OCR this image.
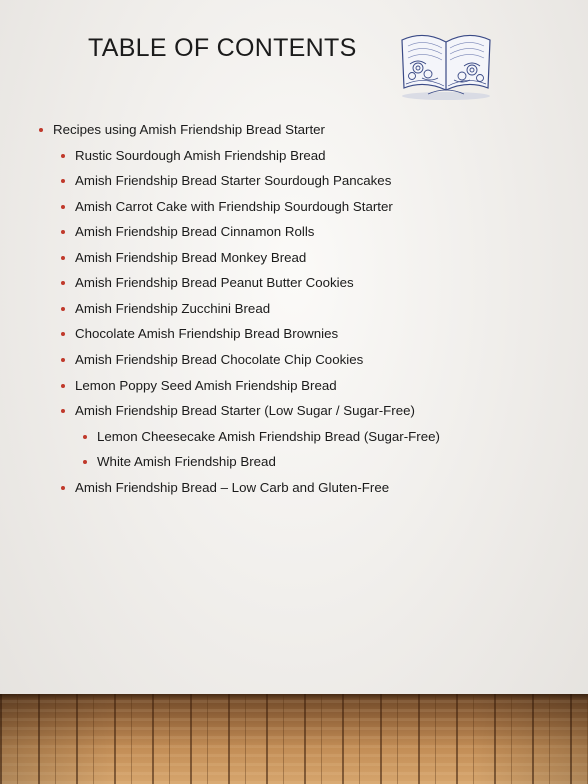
TABLE OF CONTENTS
Recipes using Amish Friendship Bread Starter
Rustic Sourdough Amish Friendship Bread
Amish Friendship Bread Starter Sourdough Pancakes
Amish Carrot Cake with Friendship Sourdough Starter
Amish Friendship Bread Cinnamon Rolls
Amish Friendship Bread Monkey Bread
Amish Friendship Bread Peanut Butter Cookies
Amish Friendship Zucchini Bread
Chocolate Amish Friendship Bread Brownies
Amish Friendship Bread Chocolate Chip Cookies
Lemon Poppy Seed Amish Friendship Bread
Amish Friendship Bread Starter (Low Sugar / Sugar-Free)
Lemon Cheesecake Amish Friendship Bread (Sugar-Free)
White Amish Friendship Bread
Amish Friendship Bread – Low Carb and Gluten-Free
